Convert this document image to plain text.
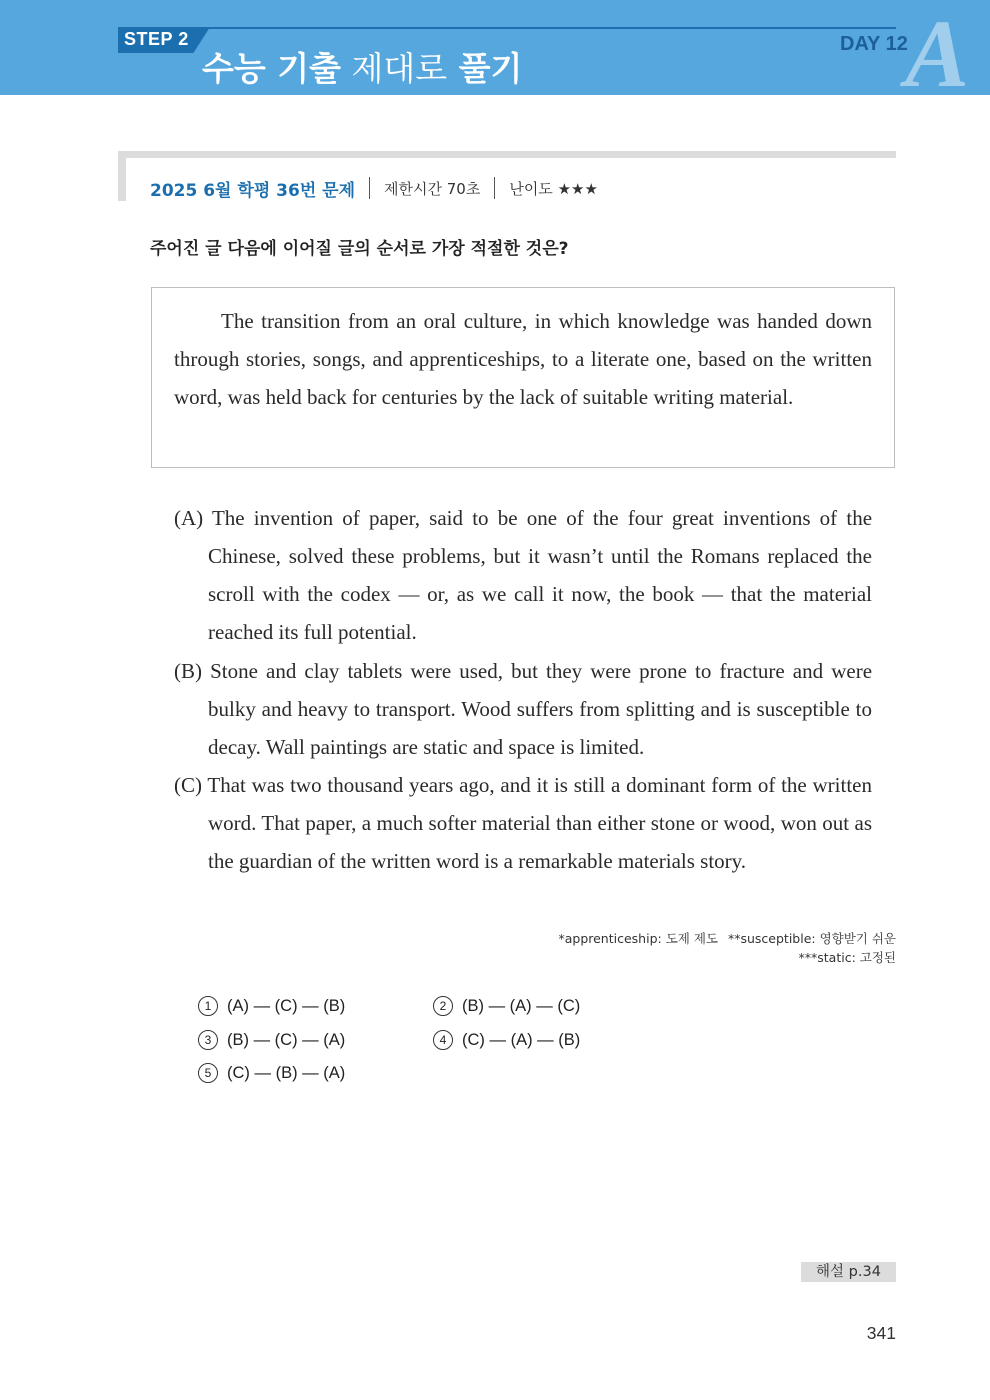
STEP 2
수능 기출 제대로 풀기
DAY 12
A
2025 6월 학평 36번 문제 제한시간 70초 난이도 ★★★
주어진 글 다음에 이어질 글의 순서로 가장 적절한 것은?
The transition from an oral culture, in which knowledge was handed down through stories, songs, and apprenticeships, to a literate one, based on the written word, was held back for centuries by the lack of suitable writing material.
(A) The invention of paper, said to be one of the four great inventions of the Chinese, solved these problems, but it wasn’t until the Romans replaced the scroll with the codex — or, as we call it now, the book — that the material reached its full potential.
(B) Stone and clay tablets were used, but they were prone to fracture and were bulky and heavy to transport. Wood suffers from splitting and is susceptible to decay. Wall paintings are static and space is limited.
(C) That was two thousand years ago, and it is still a dominant form of the written word. That paper, a much softer material than either stone or wood, won out as the guardian of the written word is a remarkable materials story.
*apprenticeship: 도제 제도 **susceptible: 영향받기 쉬운
***static: 고정된
1 (A) — (C) — (B)	2 (B) — (A) — (C)
3 (B) — (C) — (A)	4 (C) — (A) — (B)
5 (C) — (B) — (A)
해설 p.34
341
